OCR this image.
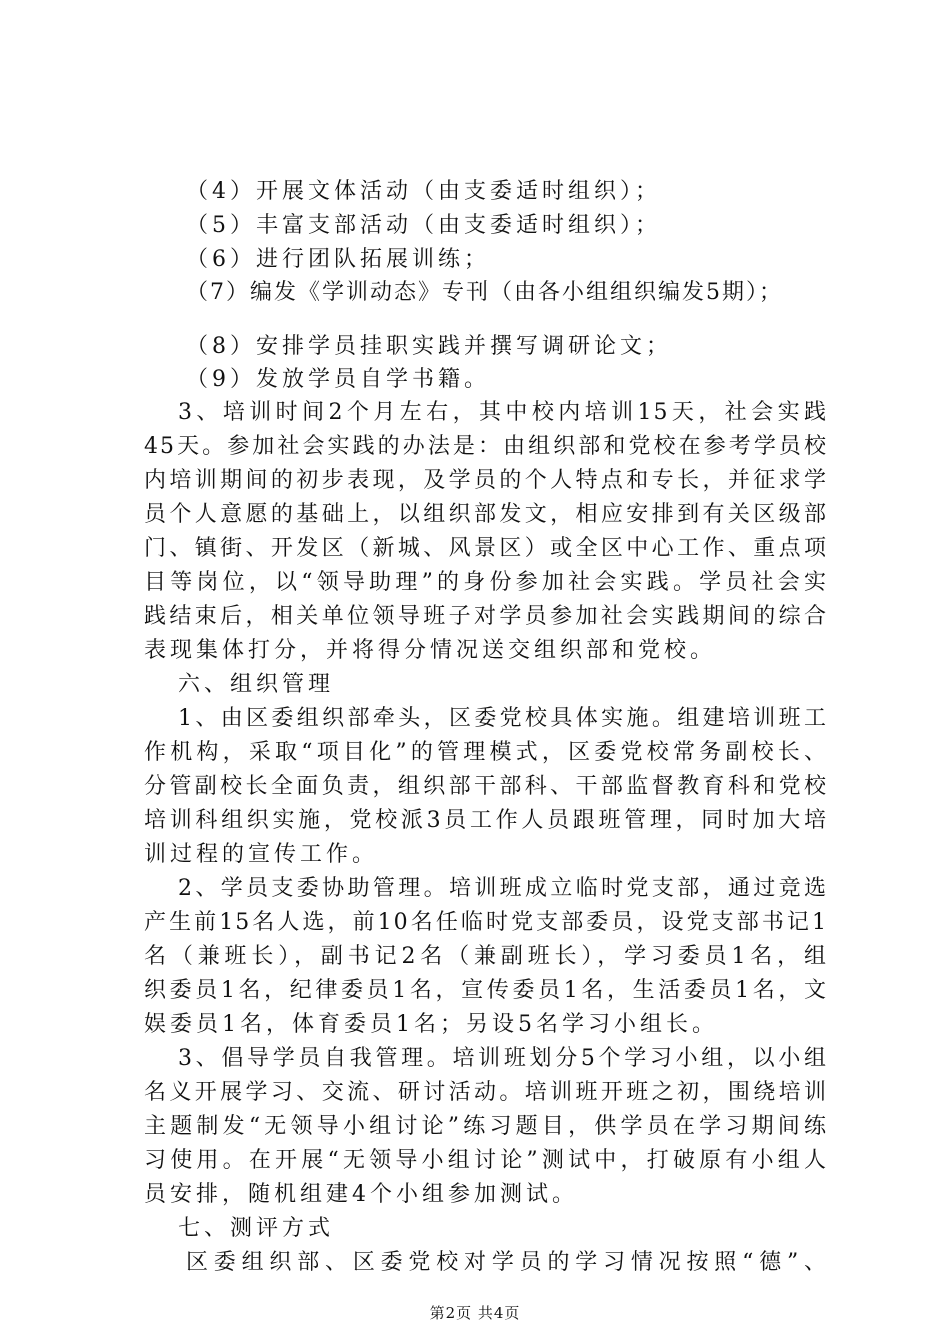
（4）开展文体活动（由支委适时组织）；
（5）丰富支部活动（由支委适时组织）；
（6）进行团队拓展训练；
（7）编发《学训动态》专刊（由各小组组织编发5期）；
（8）安排学员挂职实践并撰写调研论文；
（9）发放学员自学书籍。
3、培训时间2个月左右，其中校内培训15天，社会实践
45天。参加社会实践的办法是：由组织部和党校在参考学员校
内培训期间的初步表现，及学员的个人特点和专长，并征求学
员个人意愿的基础上，以组织部发文，相应安排到有关区级部
门、镇街、开发区（新城、风景区）或全区中心工作、重点项
目等岗位，以“领导助理”的身份参加社会实践。学员社会实
践结束后，相关单位领导班子对学员参加社会实践期间的综合
表现集体打分，并将得分情况送交组织部和党校。
六、组织管理
1、由区委组织部牵头，区委党校具体实施。组建培训班工
作机构，采取“项目化”的管理模式，区委党校常务副校长、
分管副校长全面负责，组织部干部科、干部监督教育科和党校
培训科组织实施，党校派3员工作人员跟班管理，同时加大培
训过程的宣传工作。
2、学员支委协助管理。培训班成立临时党支部，通过竞选
产生前15名人选，前10名任临时党支部委员，设党支部书记1
名（兼班长），副书记2名（兼副班长），学习委员1名，组
织委员1名，纪律委员1名，宣传委员1名，生活委员1名，文
娱委员1名，体育委员1名；另设5名学习小组长。
3、倡导学员自我管理。培训班划分5个学习小组，以小组
名义开展学习、交流、研讨活动。培训班开班之初，围绕培训
主题制发“无领导小组讨论”练习题目，供学员在学习期间练
习使用。在开展“无领导小组讨论”测试中，打破原有小组人
员安排，随机组建4个小组参加测试。
七、测评方式
区委组织部、区委党校对学员的学习情况按照“德”、
第2页 共4页
